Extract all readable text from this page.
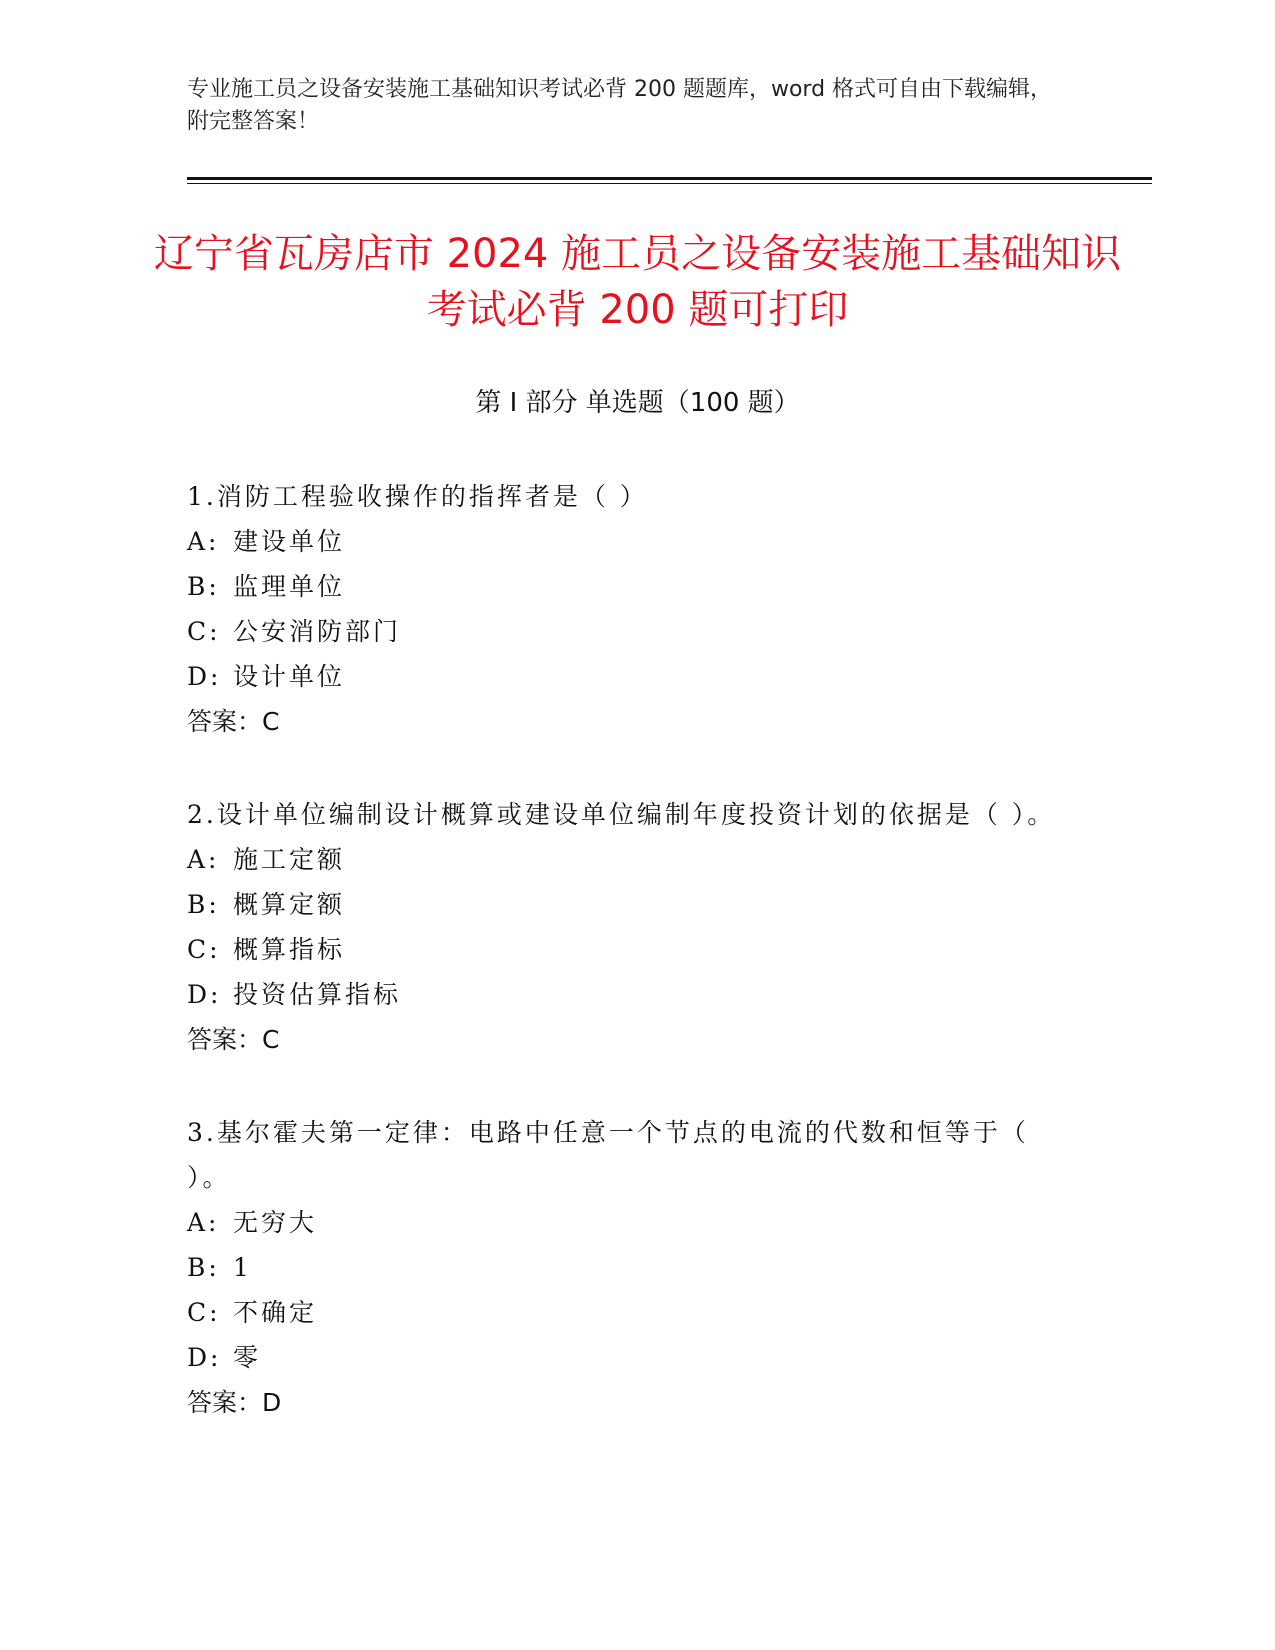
专业施工员之设备安装施工基础知识考试必背 200 题题库，word 格式可自由下载编辑，附完整答案！
辽宁省瓦房店市 2024 施工员之设备安装施工基础知识考试必背 200 题可打印
第 I 部分 单选题（100 题）
1.消防工程验收操作的指挥者是（ ）
A: 建设单位
B: 监理单位
C: 公安消防部门
D: 设计单位
答案：C
2.设计单位编制设计概算或建设单位编制年度投资计划的依据是（ ）。
A: 施工定额
B: 概算定额
C: 概算指标
D: 投资估算指标
答案：C
3.基尔霍夫第一定律：电路中任意一个节点的电流的代数和恒等于（ ）。
A: 无穷大
B: 1
C: 不确定
D: 零
答案：D
